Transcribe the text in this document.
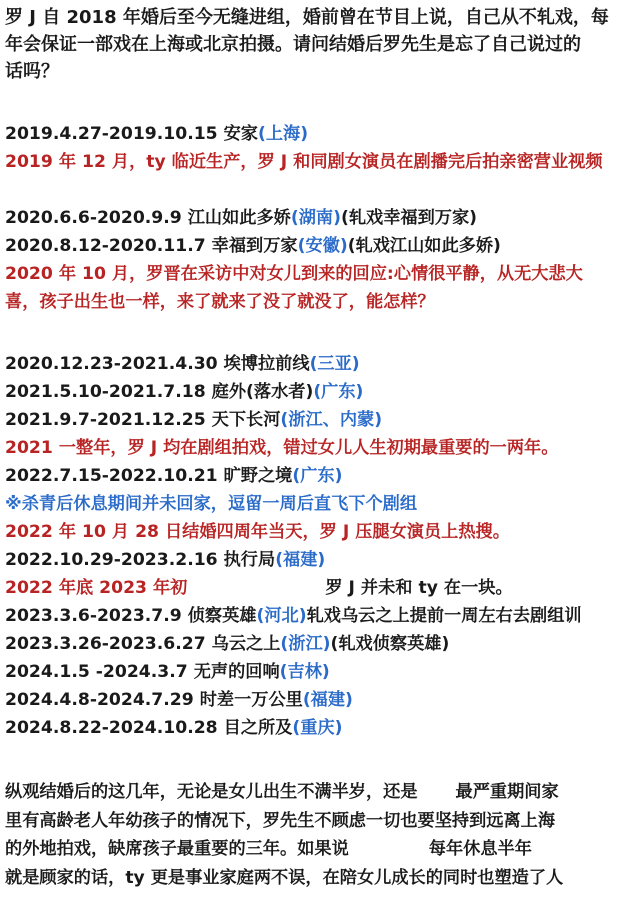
罗 J 自 2018 年婚后至今无缝进组，婚前曾在节目上说，自己从不轧戏，每
年会保证一部戏在上海或北京拍摄。请问结婚后罗先生是忘了自己说过的
话吗？
2019.4.27-2019.10.15 安家(上海)
2019 年 12 月，ty 临近生产，罗 J 和同剧女演员在剧播完后拍亲密营业视频
2020.6.6-2020.9.9 江山如此多娇(湖南)(轧戏幸福到万家)
2020.8.12-2020.11.7 幸福到万家(安徽)(轧戏江山如此多娇)
2020 年 10 月，罗晋在采访中对女儿到来的回应:心情很平静，从无大悲大
喜，孩子出生也一样，来了就来了没了就没了，能怎样？
2020.12.23-2021.4.30 埃博拉前线(三亚)
2021.5.10-2021.7.18 庭外(落水者)(广东)
2021.9.7-2021.12.25 天下长河(浙江、内蒙)
2021 一整年，罗 J 均在剧组拍戏，错过女儿人生初期最重要的一两年。
2022.7.15-2022.10.21 旷野之境(广东)
※杀青后休息期间并未回家，逗留一周后直飞下个剧组
2022 年 10 月 28 日结婚四周年当天，罗 J 压腿女演员上热搜。
2022.10.29-2023.2.16 执行局(福建)
2022 年底 2023 年初	罗 J 并未和 ty 在一块。
2023.3.6-2023.7.9 侦察英雄(河北)轧戏乌云之上提前一周左右去剧组训
2023.3.26-2023.6.27 乌云之上(浙江)(轧戏侦察英雄)
2024.1.5 -2024.3.7 无声的回响(吉林)
2024.4.8-2024.7.29 时差一万公里(福建)
2024.8.22-2024.10.28 目之所及(重庆)
纵观结婚后的这几年，无论是女儿出生不满半岁，还是 最严重期间家
里有高龄老人年幼孩子的情况下，罗先生不顾虑一切也要坚持到远离上海
的外地拍戏，缺席孩子最重要的三年。如果说	每年休息半年
就是顾家的话，ty 更是事业家庭两不误，在陪女儿成长的同时也塑造了人
